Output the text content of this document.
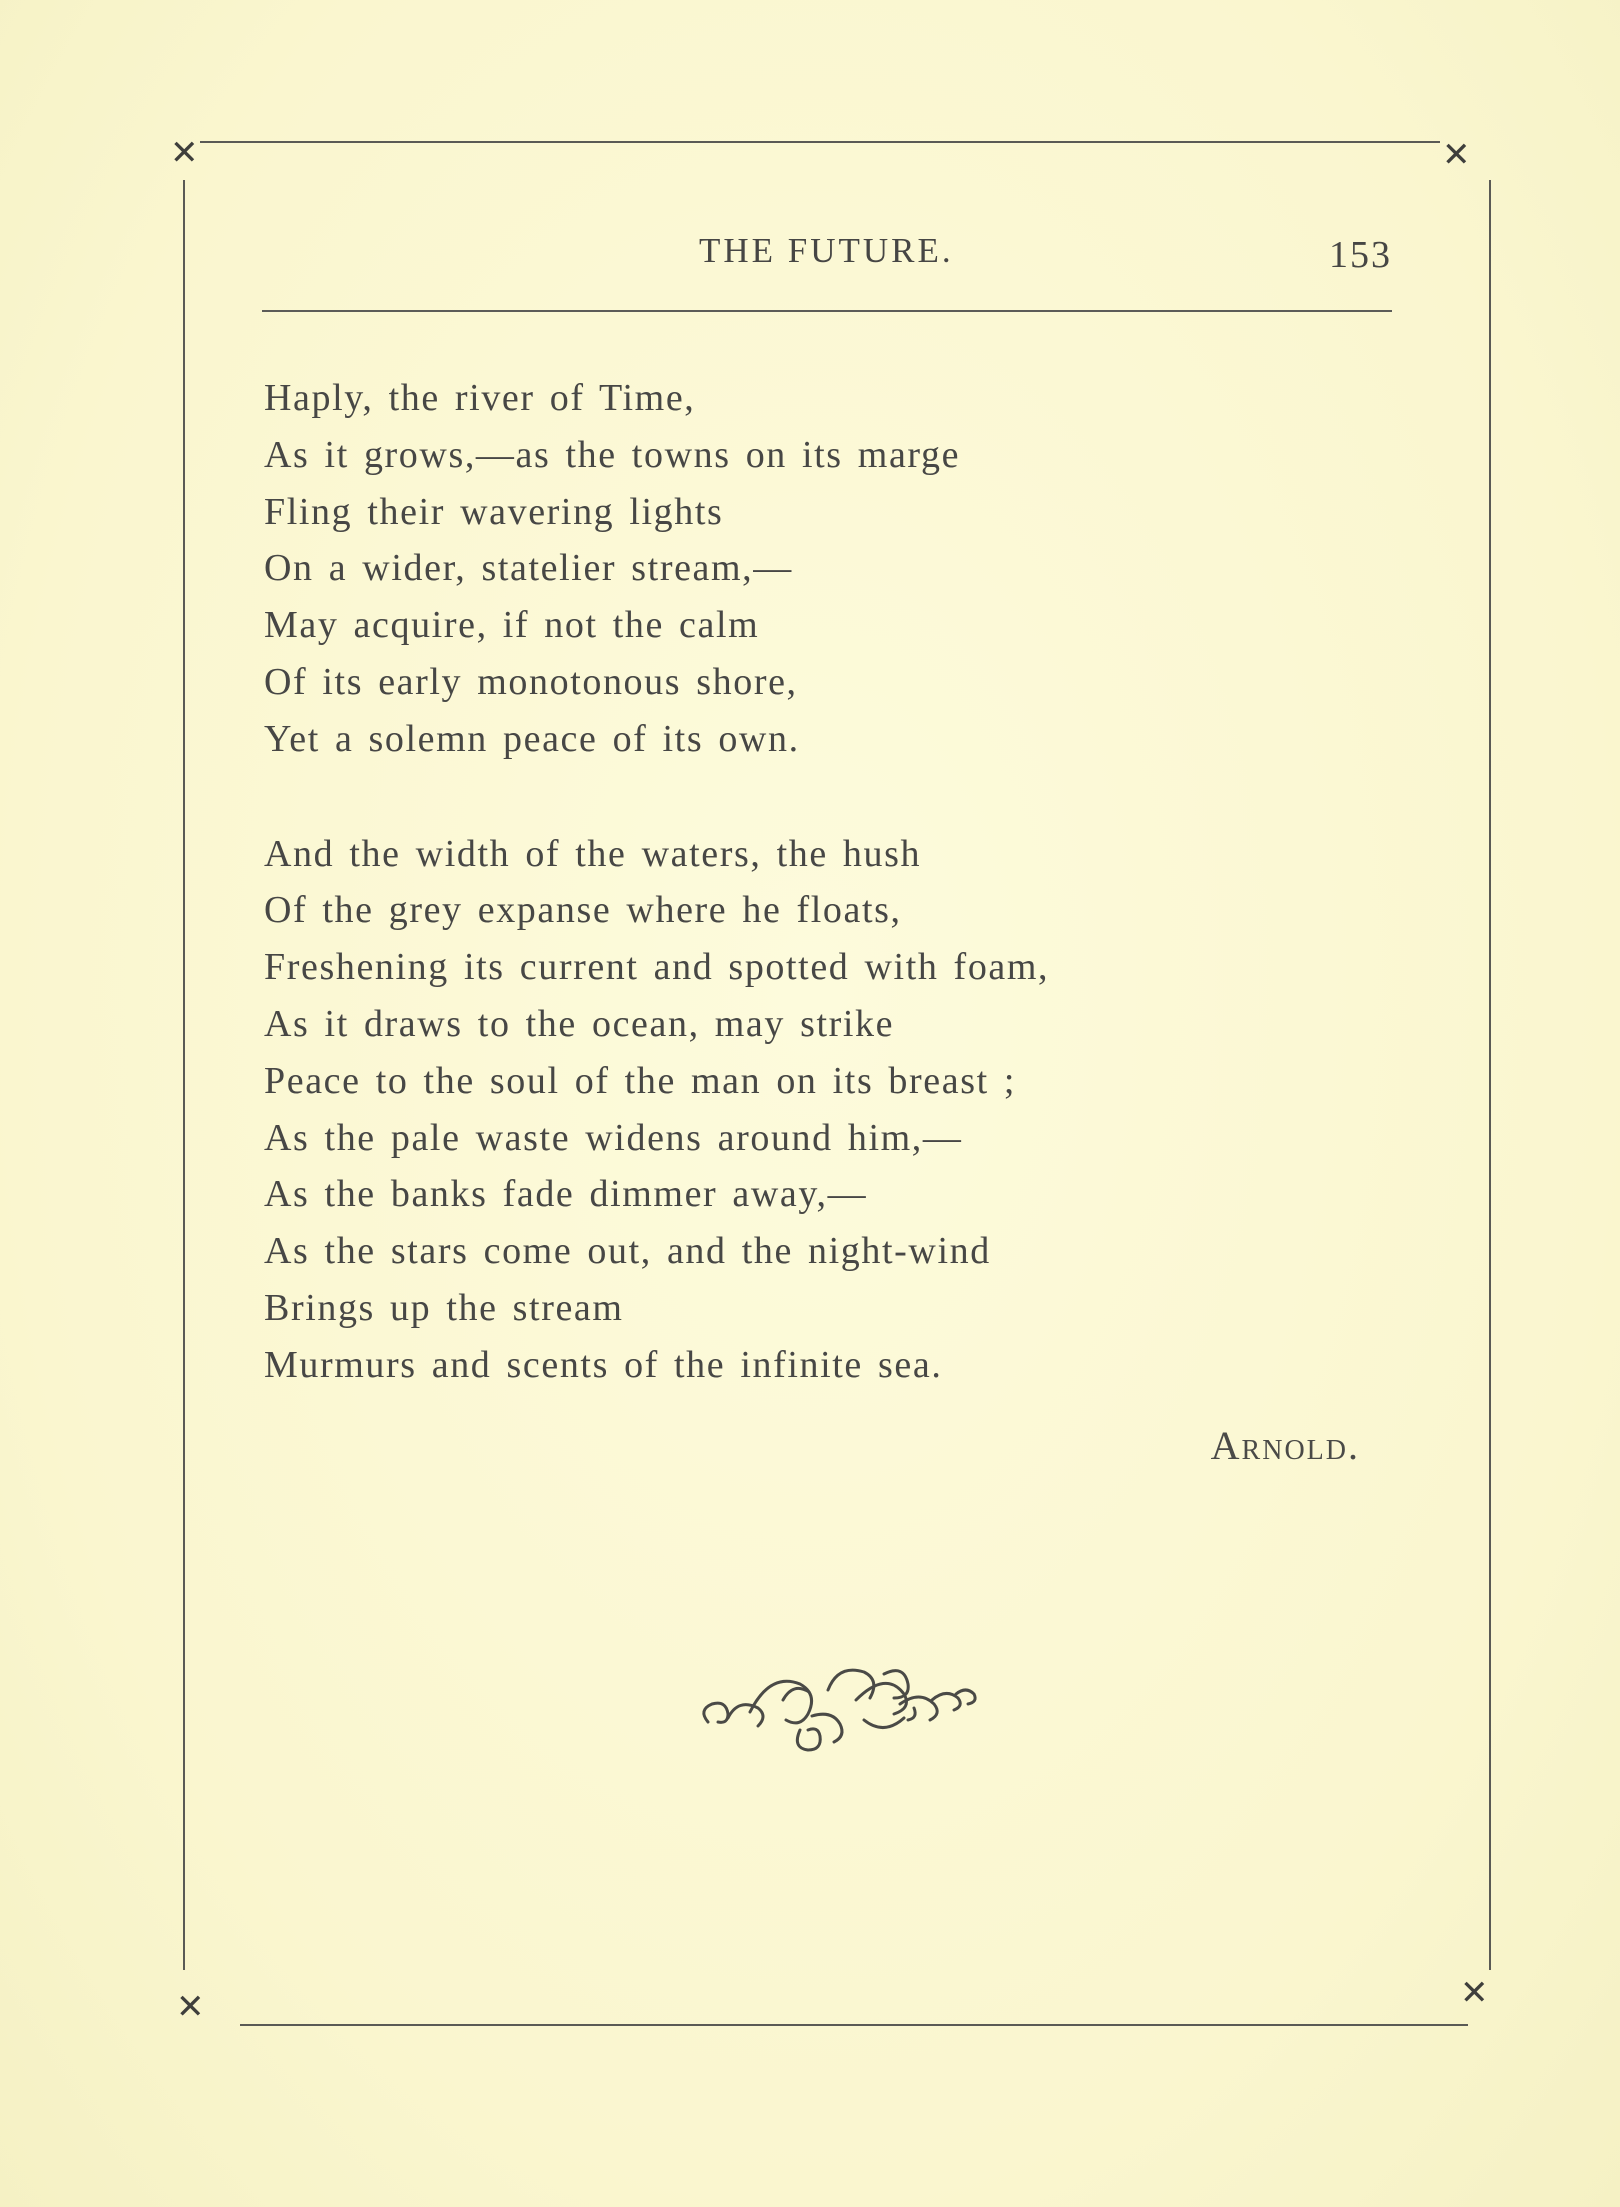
✕	✕
✕	✕
THE FUTURE.	153
Haply, the river of Time,
As it grows,—as the towns on its marge
Fling their wavering lights
On a wider, statelier stream,—
May acquire, if not the calm
Of its early monotonous shore,
Yet a solemn peace of its own.
And the width of the waters, the hush
Of the grey expanse where he floats,
Freshening its current and spotted with foam,
As it draws to the ocean, may strike
Peace to the soul of the man on its breast ;
As the pale waste widens around him,—
As the banks fade dimmer away,—
As the stars come out, and the night-wind
Brings up the stream
Murmurs and scents of the infinite sea.
Arnold.
